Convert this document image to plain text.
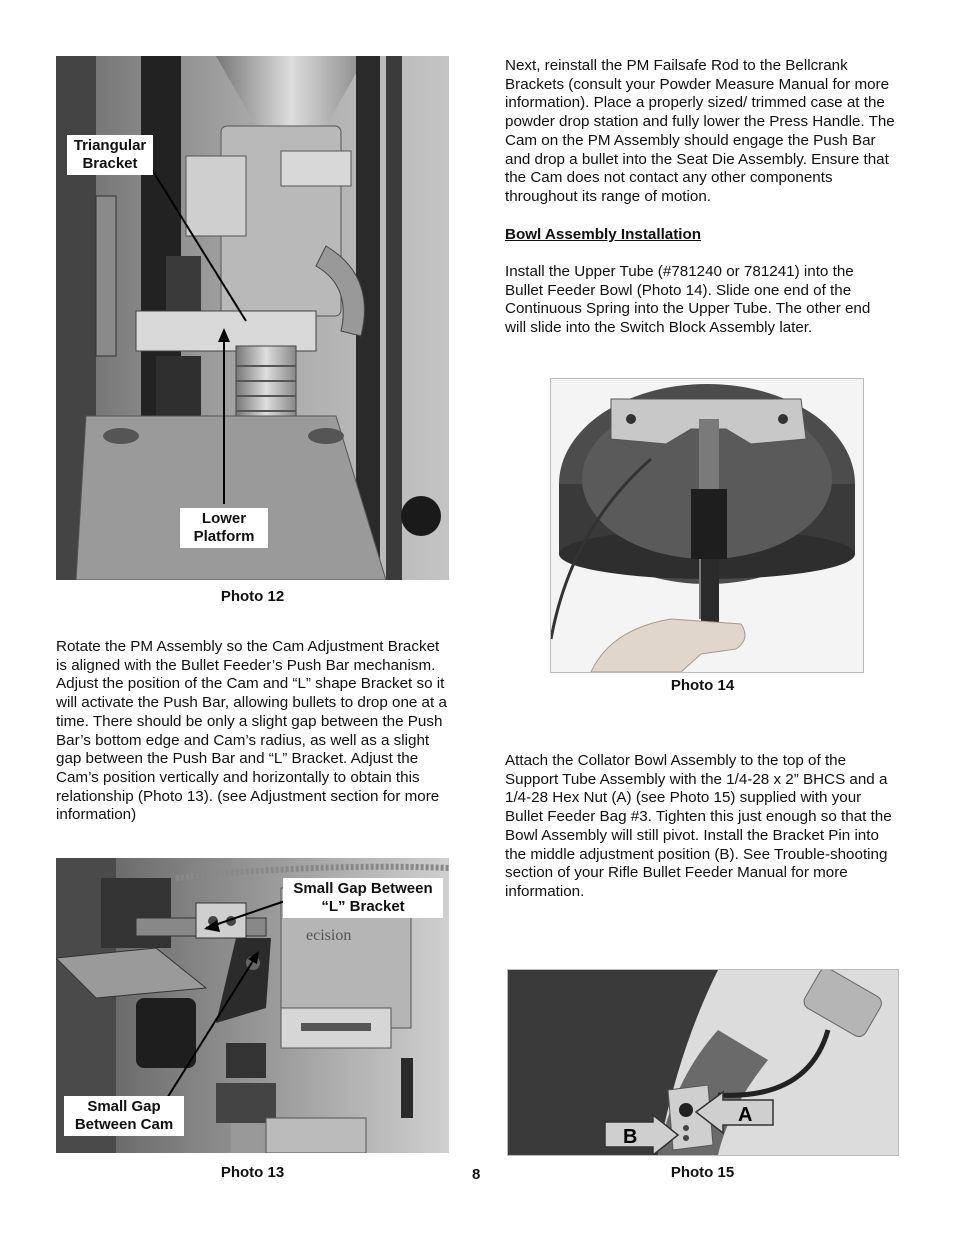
Triangular
Bracket
Lower
Platform
Photo 12

Rotate the PM Assembly so the Cam Adjustment Bracket is aligned with the Bullet Feeder’s Push Bar mechanism. Adjust the position of the Cam and “L” shape Bracket so it will activate the Push Bar, allowing bullets to drop one at a time. There should be only a slight gap between the Push Bar’s bottom edge and Cam’s radius, as well as a slight gap between the Push Bar and “L” Bracket. Adjust the Cam’s position vertically and horizontally to obtain this relationship (Photo 13). (see Adjustment section for more information)

ecision
Small Gap Between
“L” Bracket
Small Gap
Between Cam
Photo 13

Next, reinstall the PM Failsafe Rod to the Bellcrank Brackets (consult your Powder Measure Manual for more information). Place a properly sized/ trimmed case at the powder drop station and fully lower the Press Handle. The Cam on the PM Assembly should engage the Push Bar and drop a bullet into the Seat Die Assembly. Ensure that the Cam does not contact any other components throughout its range of motion.

Bowl Assembly Installation

Install the Upper Tube (#781240 or 781241) into the Bullet Feeder Bowl (Photo 14). Slide one end of the Continuous Spring into the Upper Tube. The other end will slide into the Switch Block Assembly later.

Photo 14

Attach the Collator Bowl Assembly to the top of the Support Tube Assembly with the 1/4-28 x 2” BHCS and a 1/4-28 Hex Nut (A) (see Photo 15) supplied with your Bullet Feeder Bag #3. Tighten this just enough so that the Bowl Assembly will still pivot. Install the Bracket Pin into the middle adjustment position (B). See Trouble-shooting section of your Rifle Bullet Feeder Manual for more information.

A
B
Photo 15
8
